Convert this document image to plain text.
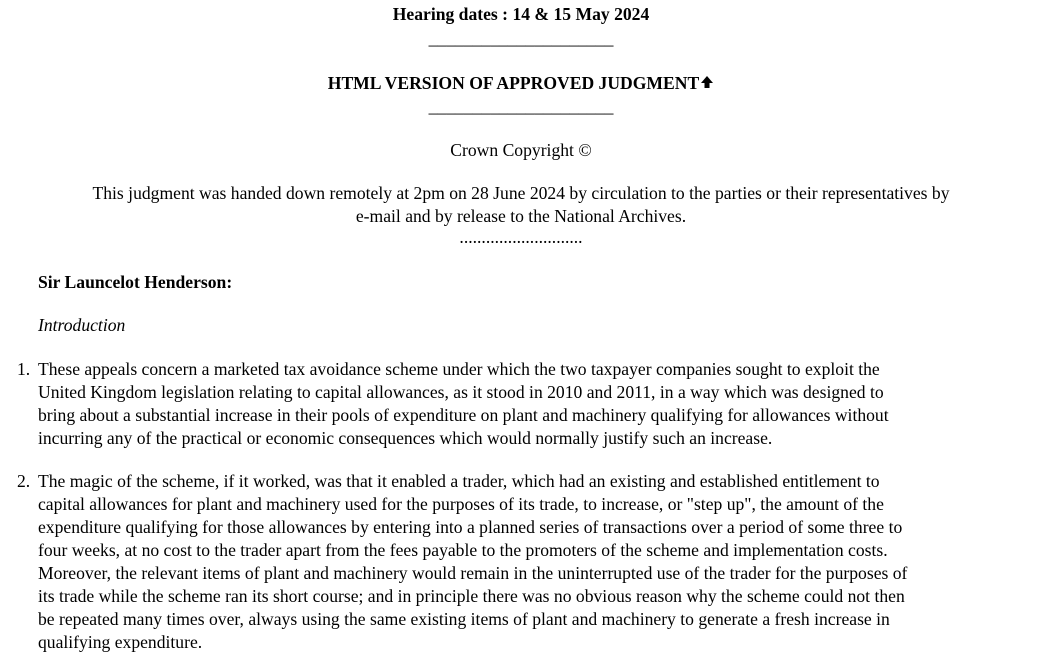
Hearing dates : 14 & 15 May 2024
_____________________
HTML VERSION OF APPROVED JUDGMENT
_____________________
Crown Copyright ©
This judgment was handed down remotely at 2pm on 28 June 2024 by circulation to the parties or their representatives by
e-mail and by release to the National Archives.
............................
Sir Launcelot Henderson:
Introduction
1. These appeals concern a marketed tax avoidance scheme under which the two taxpayer companies sought to exploit the
United Kingdom legislation relating to capital allowances, as it stood in 2010 and 2011, in a way which was designed to
bring about a substantial increase in their pools of expenditure on plant and machinery qualifying for allowances without
incurring any of the practical or economic consequences which would normally justify such an increase.
2. The magic of the scheme, if it worked, was that it enabled a trader, which had an existing and established entitlement to
capital allowances for plant and machinery used for the purposes of its trade, to increase, or "step up", the amount of the
expenditure qualifying for those allowances by entering into a planned series of transactions over a period of some three to
four weeks, at no cost to the trader apart from the fees payable to the promoters of the scheme and implementation costs.
Moreover, the relevant items of plant and machinery would remain in the uninterrupted use of the trader for the purposes of
its trade while the scheme ran its short course; and in principle there was no obvious reason why the scheme could not then
be repeated many times over, always using the same existing items of plant and machinery to generate a fresh increase in
qualifying expenditure.
